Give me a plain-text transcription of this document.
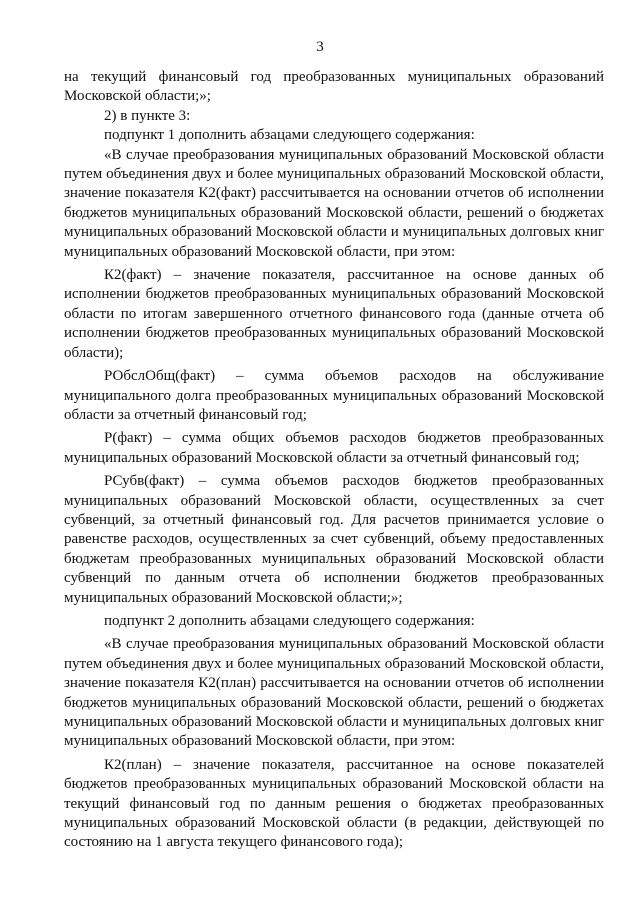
3

на текущий финансовый год преобразованных муниципальных образований Московской области;»;

2) в пункте 3:

подпункт 1 дополнить абзацами следующего содержания:

«В случае преобразования муниципальных образований Московской области путем объединения двух и более муниципальных образований Московской области, значение показателя К2(факт) рассчитывается на основании отчетов об исполнении бюджетов муниципальных образований Московской области, решений о бюджетах муниципальных образований Московской области и муниципальных долговых книг муниципальных образований Московской области, при этом:

К2(факт) – значение показателя, рассчитанное на основе данных об исполнении бюджетов преобразованных муниципальных образований Московской области по итогам завершенного отчетного финансового года (данные отчета об исполнении бюджетов преобразованных муниципальных образований Московской области);

РОбслОбщ(факт) – сумма объемов расходов на обслуживание муниципального долга преобразованных муниципальных образований Московской области за отчетный финансовый год;

Р(факт) – сумма общих объемов расходов бюджетов преобразованных муниципальных образований Московской области за отчетный финансовый год;

РСубв(факт) – сумма объемов расходов бюджетов преобразованных муниципальных образований Московской области, осуществленных за счет субвенций, за отчетный финансовый год. Для расчетов принимается условие о равенстве расходов, осуществленных за счет субвенций, объему предоставленных бюджетам преобразованных муниципальных образований Московской области субвенций по данным отчета об исполнении бюджетов преобразованных муниципальных образований Московской области;»;

подпункт 2 дополнить абзацами следующего содержания:

«В случае преобразования муниципальных образований Московской области путем объединения двух и более муниципальных образований Московской области, значение показателя К2(план) рассчитывается на основании отчетов об исполнении бюджетов муниципальных образований Московской области, решений о бюджетах муниципальных образований Московской области и муниципальных долговых книг муниципальных образований Московской области, при этом:

К2(план) – значение показателя, рассчитанное на основе показателей бюджетов преобразованных муниципальных образований Московской области на текущий финансовый год по данным решения о бюджетах преобразованных муниципальных образований Московской области (в редакции, действующей по состоянию на 1 августа текущего финансового года);
